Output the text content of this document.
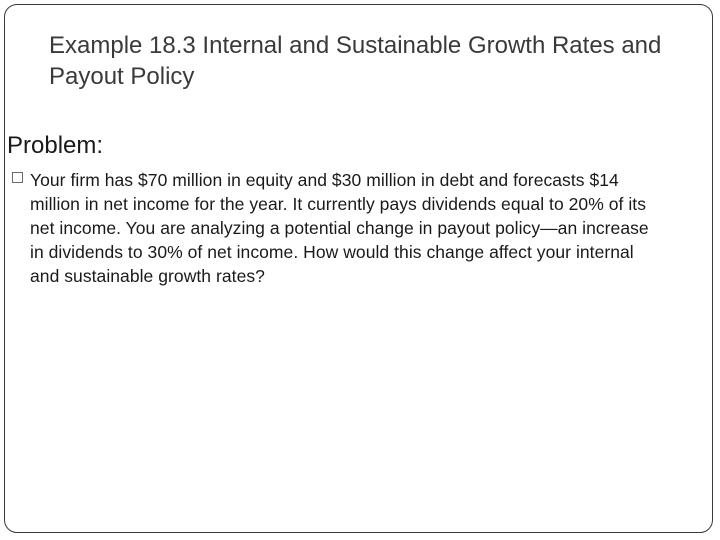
Example 18.3 Internal and Sustainable Growth Rates and Payout Policy
Problem:

Your firm has $70 million in equity and $30 million in debt and forecasts $14 million in net income for the year. It currently pays dividends equal to 20% of its net income. You are analyzing a potential change in payout policy—an increase in dividends to 30% of net income. How would this change affect your internal and sustainable growth rates?
